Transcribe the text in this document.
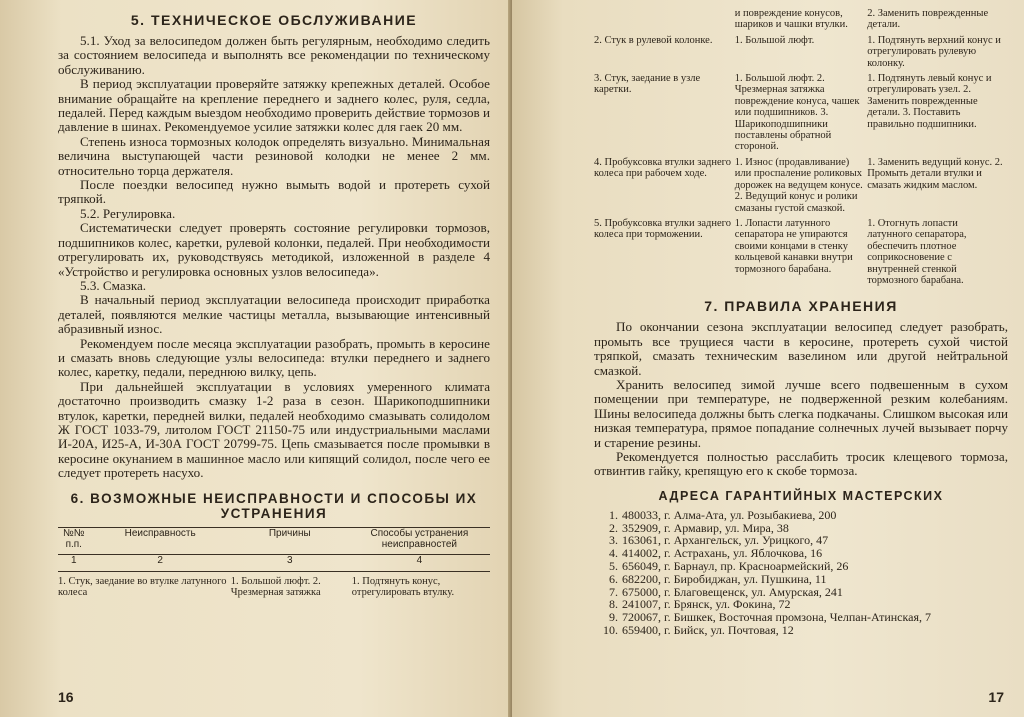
5. ТЕХНИЧЕСКОЕ ОБСЛУЖИВАНИЕ

5.1. Уход за велосипедом должен быть регулярным, необходимо следить за состоянием велосипеда и выполнять все рекомендации по техническому обслуживанию.

В период эксплуатации проверяйте затяжку крепежных деталей. Особое внимание обращайте на крепление переднего и заднего колес, руля, седла, педалей. Перед каждым выездом необходимо проверить действие тормозов и давление в шинах. Рекомендуемое усилие затяжки колес для гаек 20 мм.

Степень износа тормозных колодок определять визуально. Минимальная величина выступающей части резиновой колодки не менее 2 мм. относительно торца держателя.

После поездки велосипед нужно вымыть водой и протереть сухой тряпкой.

5.2. Регулировка.

Систематически следует проверять состояние регулировки тормозов, подшипников колес, каретки, рулевой колонки, педалей. При необходимости отрегулировать их, руководствуясь методикой, изложенной в разделе 4 «Устройство и регулировка основных узлов велосипеда».

5.3. Смазка.

В начальный период эксплуатации велосипеда происходит приработка деталей, появляются мелкие частицы металла, вызывающие интенсивный абразивный износ.

Рекомендуем после месяца эксплуатации разобрать, промыть в керосине и смазать вновь следующие узлы велосипеда: втулки переднего и заднего колес, каретку, педали, переднюю вилку, цепь.

При дальнейшей эксплуатации в условиях умеренного климата достаточно производить смазку 1-2 раза в сезон. Шарикоподшипники втулок, каретки, передней вилки, педалей необходимо смазывать солидолом Ж ГОСТ 1033-79, литолом ГОСТ 21150-75 или индустриальными маслами И-20А, И25-А, И-30А ГОСТ 20799-75. Цепь смазывается после промывки в керосине окунанием в машинное масло или кипящий солидол, после чего ее следует протереть насухо.

6. ВОЗМОЖНЫЕ НЕИСПРАВНОСТИ И СПОСОБЫ ИХ УСТРАНЕНИЯ
№№ п.п.	Неисправность	Причины	Способы устранения неисправностей
1	2	3	4
1. Стук, заедание во втулке латунного колеса		1. Большой люфт. 2. Чрезмерная затяжка	1. Подтянуть конус, отрегулировать втулку.
16
	и повреждение конусов, шариков и чашки втулки.	2. Заменить поврежденные детали.
2. Стук в рулевой колонке.	1. Большой люфт.	1. Подтянуть верхний конус и отрегулировать рулевую колонку.
3. Стук, заедание в узле каретки.	1. Большой люфт. 2. Чрезмерная затяжка повреждение конуса, чашек или подшипников. 3. Шарикоподшипники поставлены обратной стороной.	1. Подтянуть левый конус и отрегулировать узел. 2. Заменить поврежденные детали. 3. Поставить правильно подшипники.
4. Пробуксовка втулки заднего колеса при рабочем ходе.	1. Износ (продавливание) или проспаление роликовых дорожек на ведущем конусе. 2. Ведущий конус и ролики смазаны густой смазкой.	1. Заменить ведущий конус. 2. Промыть детали втулки и смазать жидким маслом.
5. Пробуксовка втулки заднего колеса при торможении.	1. Лопасти латунного сепаратора не упираются своими концами в стенку кольцевой канавки внутри тормозного барабана.	1. Отогнуть лопасти латунного сепаратора, обеспечить плотное соприкосновение с внутренней стенкой тормозного барабана.
7. ПРАВИЛА ХРАНЕНИЯ

По окончании сезона эксплуатации велосипед следует разобрать, промыть все трущиеся части в керосине, протереть сухой чистой тряпкой, смазать техническим вазелином или другой нейтральной смазкой.

Хранить велосипед зимой лучше всего подвешенным в сухом помещении при температуре, не подверженной резким колебаниям. Шины велосипеда должны быть слегка подкачаны. Слишком высокая или низкая температура, прямое попадание солнечных лучей вызывает порчу и старение резины.

Рекомендуется полностью расслабить тросик клещевого тормоза, отвинтив гайку, крепящую его к скобе тормоза.

АДРЕСА ГАРАНТИЙНЫХ МАСТЕРСКИХ
1. 480033, г. Алма-Ата, ул. Розыбакиева, 200
2. 352909, г. Армавир, ул. Мира, 38
3. 163061, г. Архангельск, ул. Урицкого, 47
4. 414002, г. Астрахань, ул. Яблочкова, 16
5. 656049, г. Барнаул, пр. Красноармейский, 26
6. 682200, г. Биробиджан, ул. Пушкина, 11
7. 675000, г. Благовещенск, ул. Амурская, 241
8. 241007, г. Брянск, ул. Фокина, 72
9. 720067, г. Бишкек, Восточная промзона, Челпан-Атинская, 7
10. 659400, г. Бийск, ул. Почтовая, 12
17
